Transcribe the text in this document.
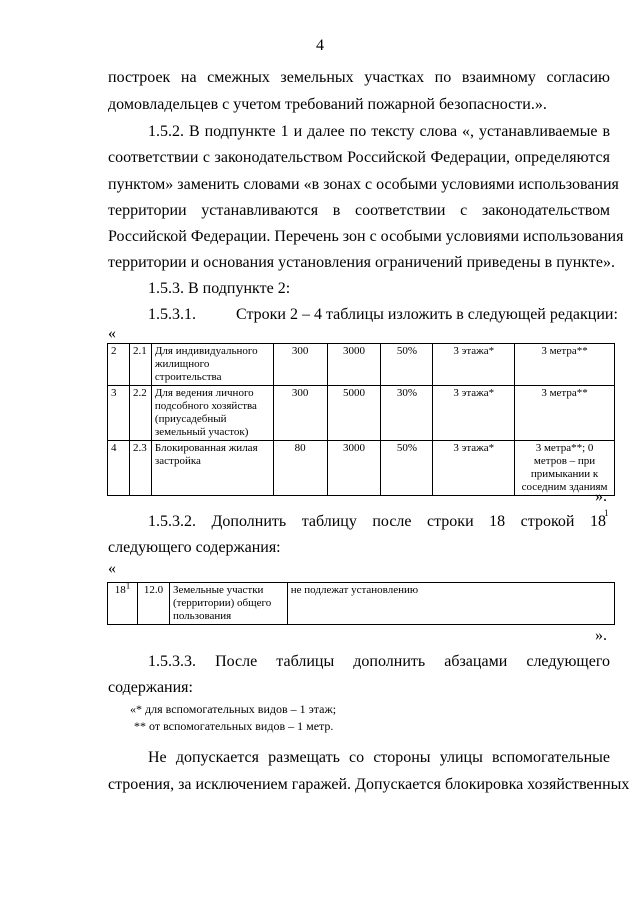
4
построек на смежных земельных участках по взаимному согласию
домовладельцев с учетом требований пожарной безопасности.».
1.5.2. В подпункте 1 и далее по тексту слова «, устанавливаемые в
соответствии с законодательством Российской Федерации, определяются
пунктом» заменить словами «в зонах с особыми условиями использования
территории устанавливаются в соответствии с законодательством
Российской Федерации. Перечень зон с особыми условиями использования
территории и основания установления ограничений приведены в пункте».
1.5.3. В подпункте 2:
1.5.3.1.	Строки 2 – 4 таблицы изложить в следующей редакции:
«
2	2.1	Для индивидуального жилищного строительства	300	3000	50%	3 этажа*	3 метра**
3	2.2	Для ведения личного подсобного хозяйства (приусадебный земельный участок)	300	5000	30%	3 этажа*	3 метра**
4	2.3	Блокированная жилая застройка	80	3000	50%	3 этажа*	3 метра**; 0 метров – при примыкании к соседним зданиям
».
1.5.3.2. Дополнить таблицу после строки 18 строкой 18
1
следующего содержания:
«
$18^1$	12.0	Земельные участки (территории) общего пользования	не подлежат установлению
».
1.5.3.3. После таблицы дополнить абзацами следующего
содержания:
«* для вспомогательных видов – 1 этаж;
** от вспомогательных видов – 1 метр.
Не допускается размещать со стороны улицы вспомогательные
строения, за исключением гаражей. Допускается блокировка хозяйственных
